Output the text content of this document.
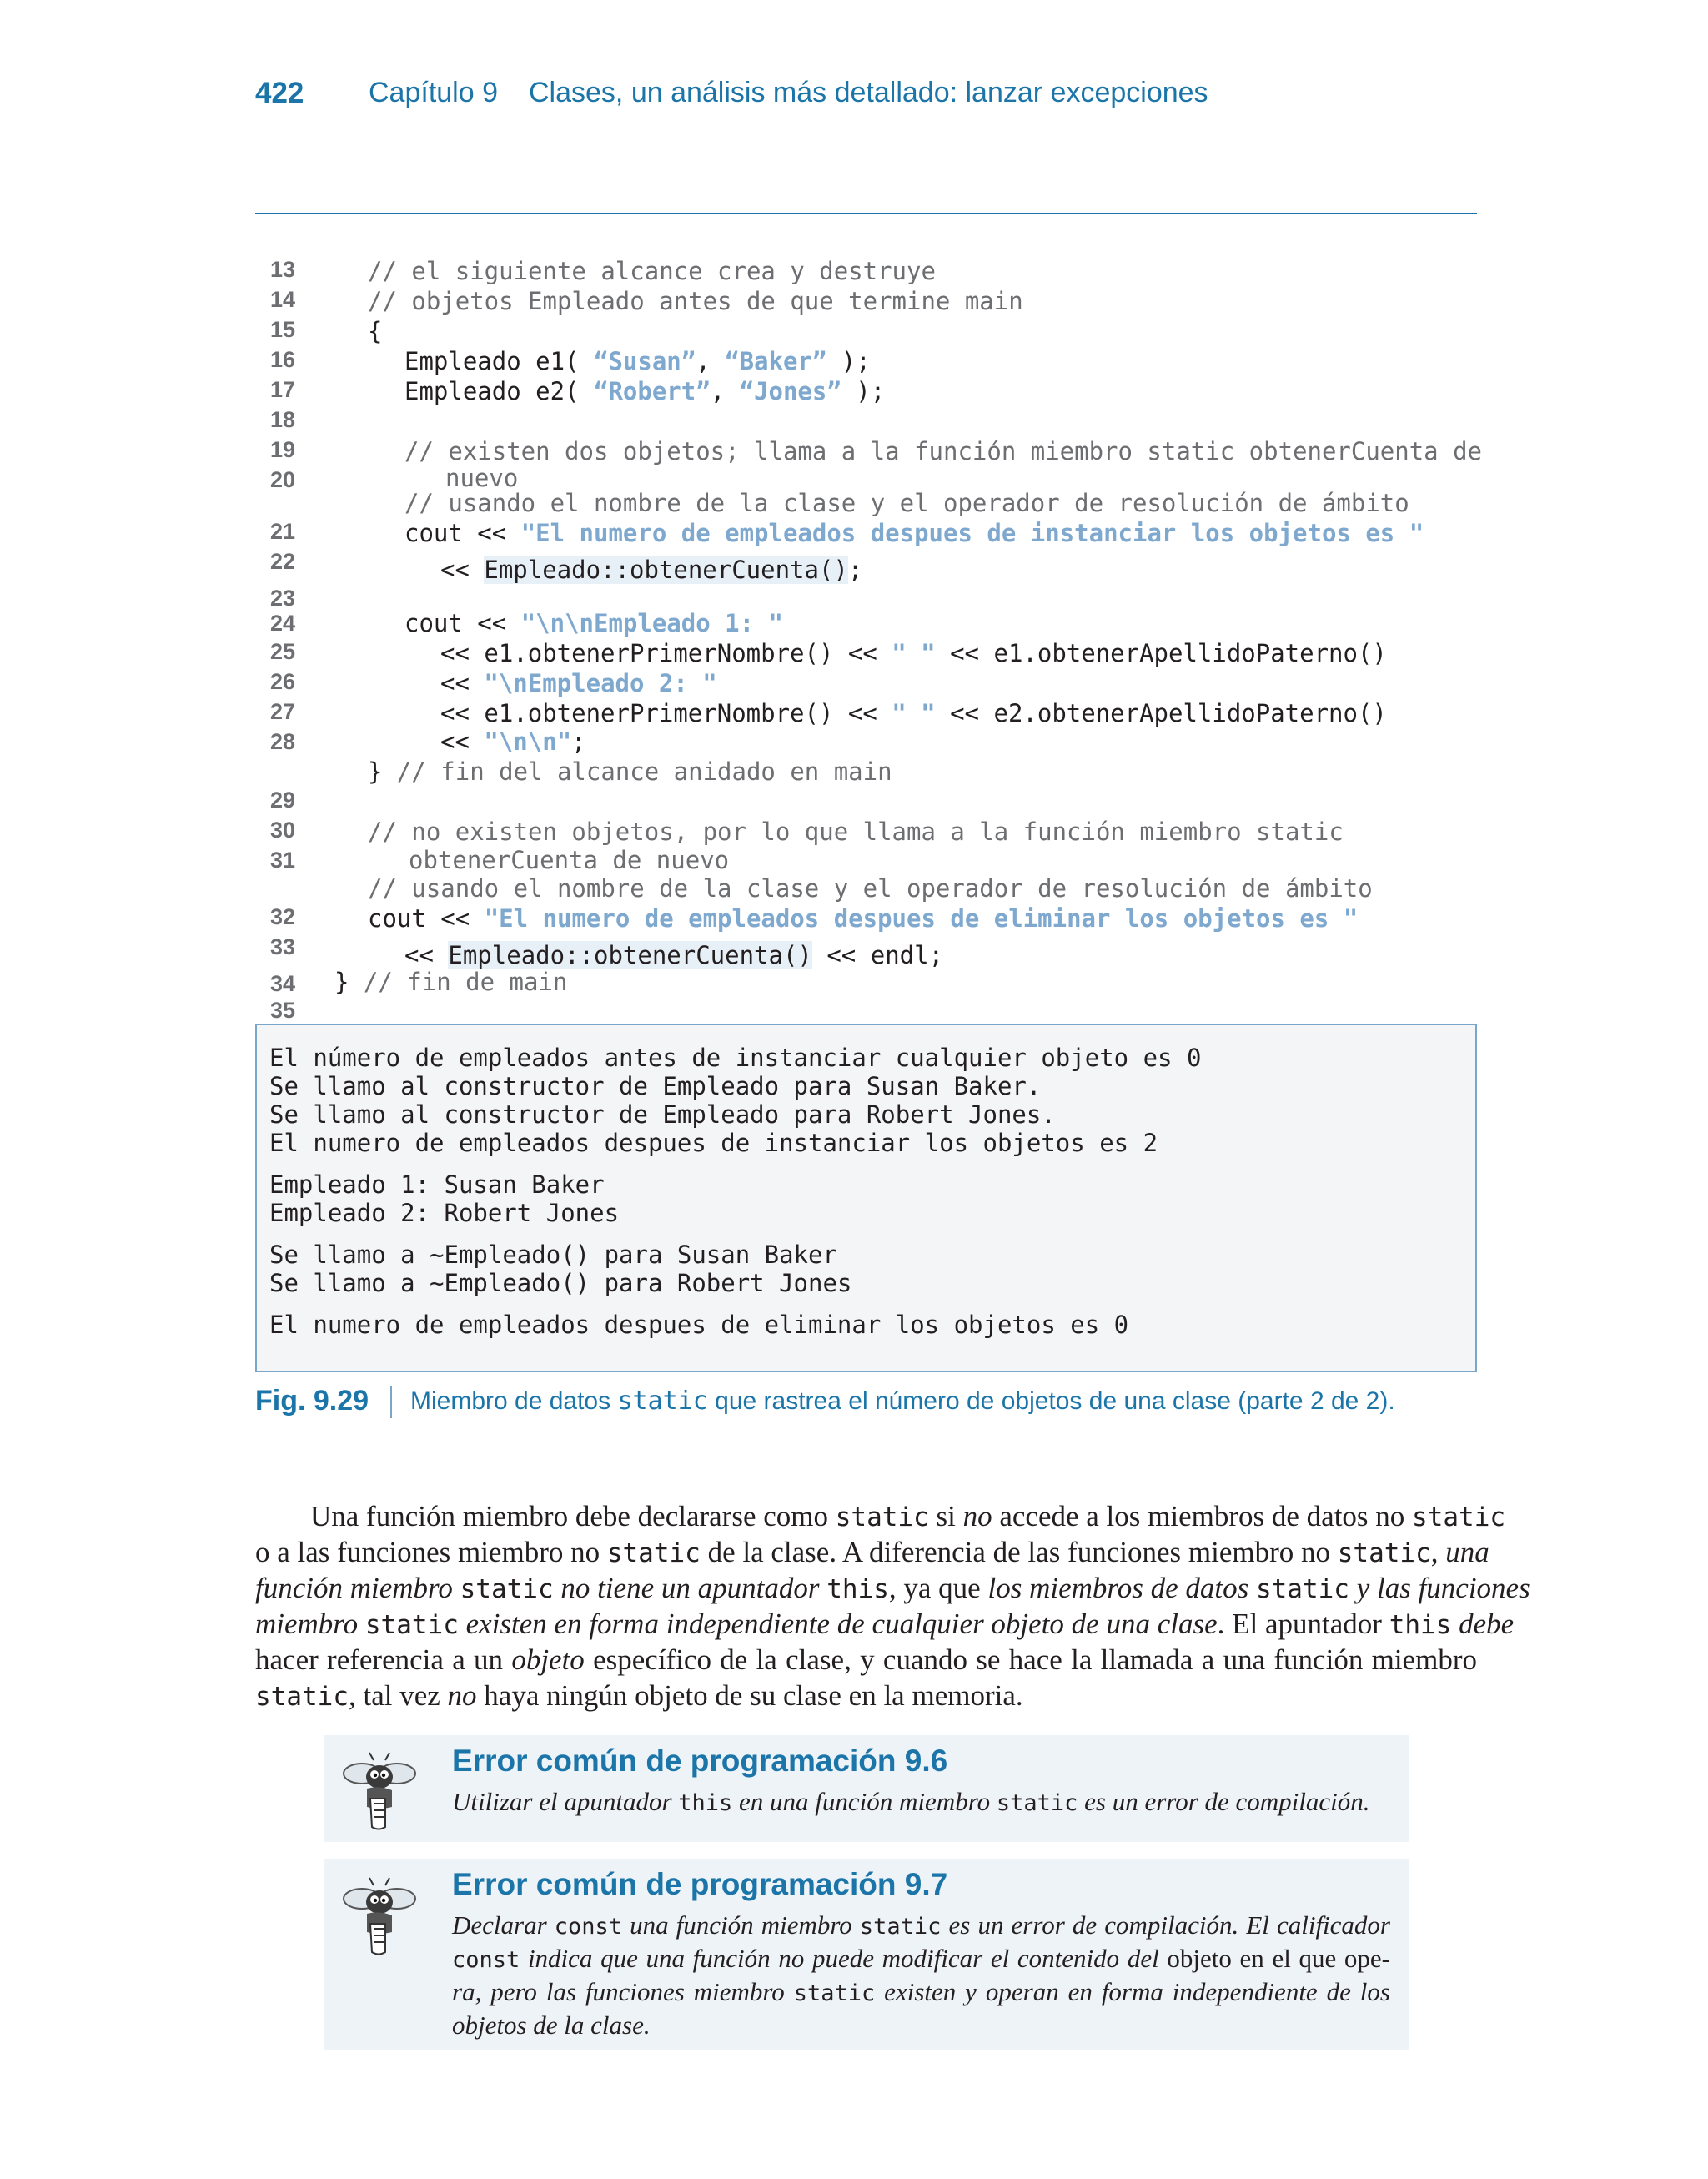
422 Capítulo 9 Clases, un análisis más detallado: lanzar excepciones

13

14

// el siguiente alcance crea y destruye

15

// objetos Empleado antes de que termine main

16

{

17

Empleado e1( “Susan”, “Baker” );

18

Empleado e2( “Robert”, “Jones” );

19

20

// existen dos objetos; llama a la función miembro static obtenerCuenta de

nuevo

21

// usando el nombre de la clase y el operador de resolución de ámbito

22

cout << "El numero de empleados despues de instanciar los objetos es "

23

<< Empleado::obtenerCuenta();

24

25

cout << "\n\nEmpleado 1: "

26

<< e1.obtenerPrimerNombre() << " " << e1.obtenerApellidoPaterno()

27

<< "\nEmpleado 2: "

28

<< e1.obtenerPrimerNombre() << " " << e2.obtenerApellidoPaterno()

<< "\n\n";

29

} // fin del alcance anidado en main

30

31

// no existen objetos, por lo que llama a la función miembro static

obtenerCuenta de nuevo

32

// usando el nombre de la clase y el operador de resolución de ámbito

33

cout << "El numero de empleados despues de eliminar los objetos es "

34

<< Empleado::obtenerCuenta() << endl;

35

} // fin de main

El número de empleados antes de instanciar cualquier objeto es 0
Se llamo al constructor de Empleado para Susan Baker.
Se llamo al constructor de Empleado para Robert Jones.
El numero de empleados despues de instanciar los objetos es 2
Empleado 1: Susan Baker
Empleado 2: Robert Jones
Se llamo a ~Empleado() para Susan Baker
Se llamo a ~Empleado() para Robert Jones
El numero de empleados despues de eliminar los objetos es 0
Fig. 9.29 Miembro de datos static que rastrea el número de objetos de una clase (parte 2 de 2).
Una función miembro debe declararse como static si no accede a los miembros de datos no static
o a las funciones miembro no static de la clase. A diferencia de las funciones miembro no static, una
función miembro static no tiene un apuntador this, ya que los miembros de datos static y las funciones
miembro static existen en forma independiente de cualquier objeto de una clase. El apuntador this debe
hacer referencia a un objeto específico de la clase, y cuando se hace la llamada a una función miembro
static, tal vez no haya ningún objeto de su clase en la memoria.
Error común de programación 9.6
Utilizar el apuntador this en una función miembro static es un error de compilación.
Error común de programación 9.7
Declarar const una función miembro static es un error de compilación. El calificador
const indica que una función no puede modificar el contenido del objeto en el que ope-
ra, pero las funciones miembro static existen y operan en forma independiente de los
objetos de la clase.
